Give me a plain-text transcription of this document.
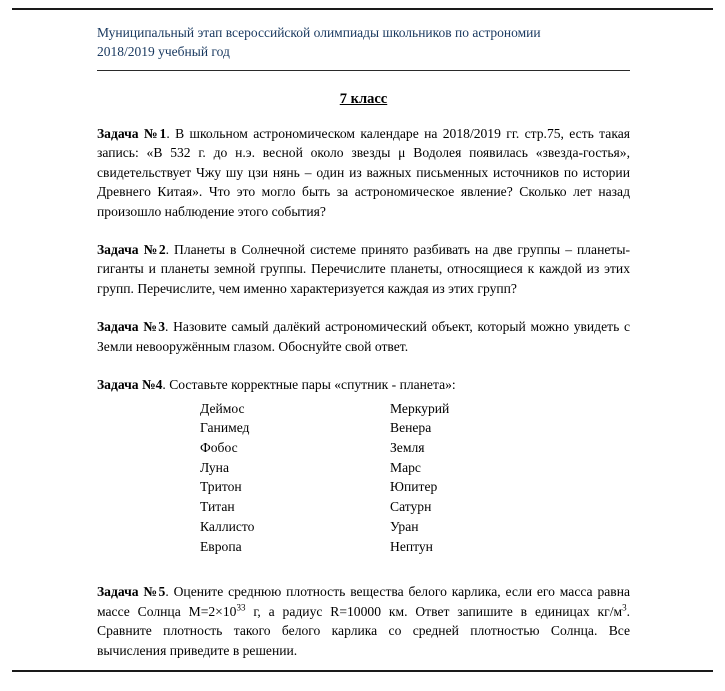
Муниципальный этап всероссийской олимпиады школьников по астрономии
2018/2019 учебный год
7 класс

Задача №1. В школьном астрономическом календаре на 2018/2019 гг. стр.75, есть такая запись: «В 532 г. до н.э. весной около звезды μ Водолея появилась «звезда-гостья», свидетельствует Чжу шу цзи нянь – один из важных письменных источников по истории Древнего Китая». Что это могло быть за астрономическое явление? Сколько лет назад произошло наблюдение этого события?

Задача №2. Планеты в Солнечной системе принято разбивать на две группы – планеты-гиганты и планеты земной группы. Перечислите планеты, относящиеся к каждой из этих групп. Перечислите, чем именно характеризуется каждая из этих групп?

Задача №3. Назовите самый далёкий астрономический объект, который можно увидеть с Земли невооружённым глазом. Обоснуйте свой ответ.

Задача №4. Составьте корректные пары «спутник - планета»:

Деймос	Меркурий
Ганимед	Венера
Фобос	Земля
Луна	Марс
Тритон	Юпитер
Титан	Сатурн
Каллисто	Уран
Европа	Нептун

Задача №5. Оцените среднюю плотность вещества белого карлика, если его масса равна массе Солнца $M=2\times 10^{33}$ г, а радиус R=10000 км. Ответ запишите в единицах $кг/м^3$. Сравните плотность такого белого карлика со средней плотностью Солнца. Все вычисления приведите в решении.
